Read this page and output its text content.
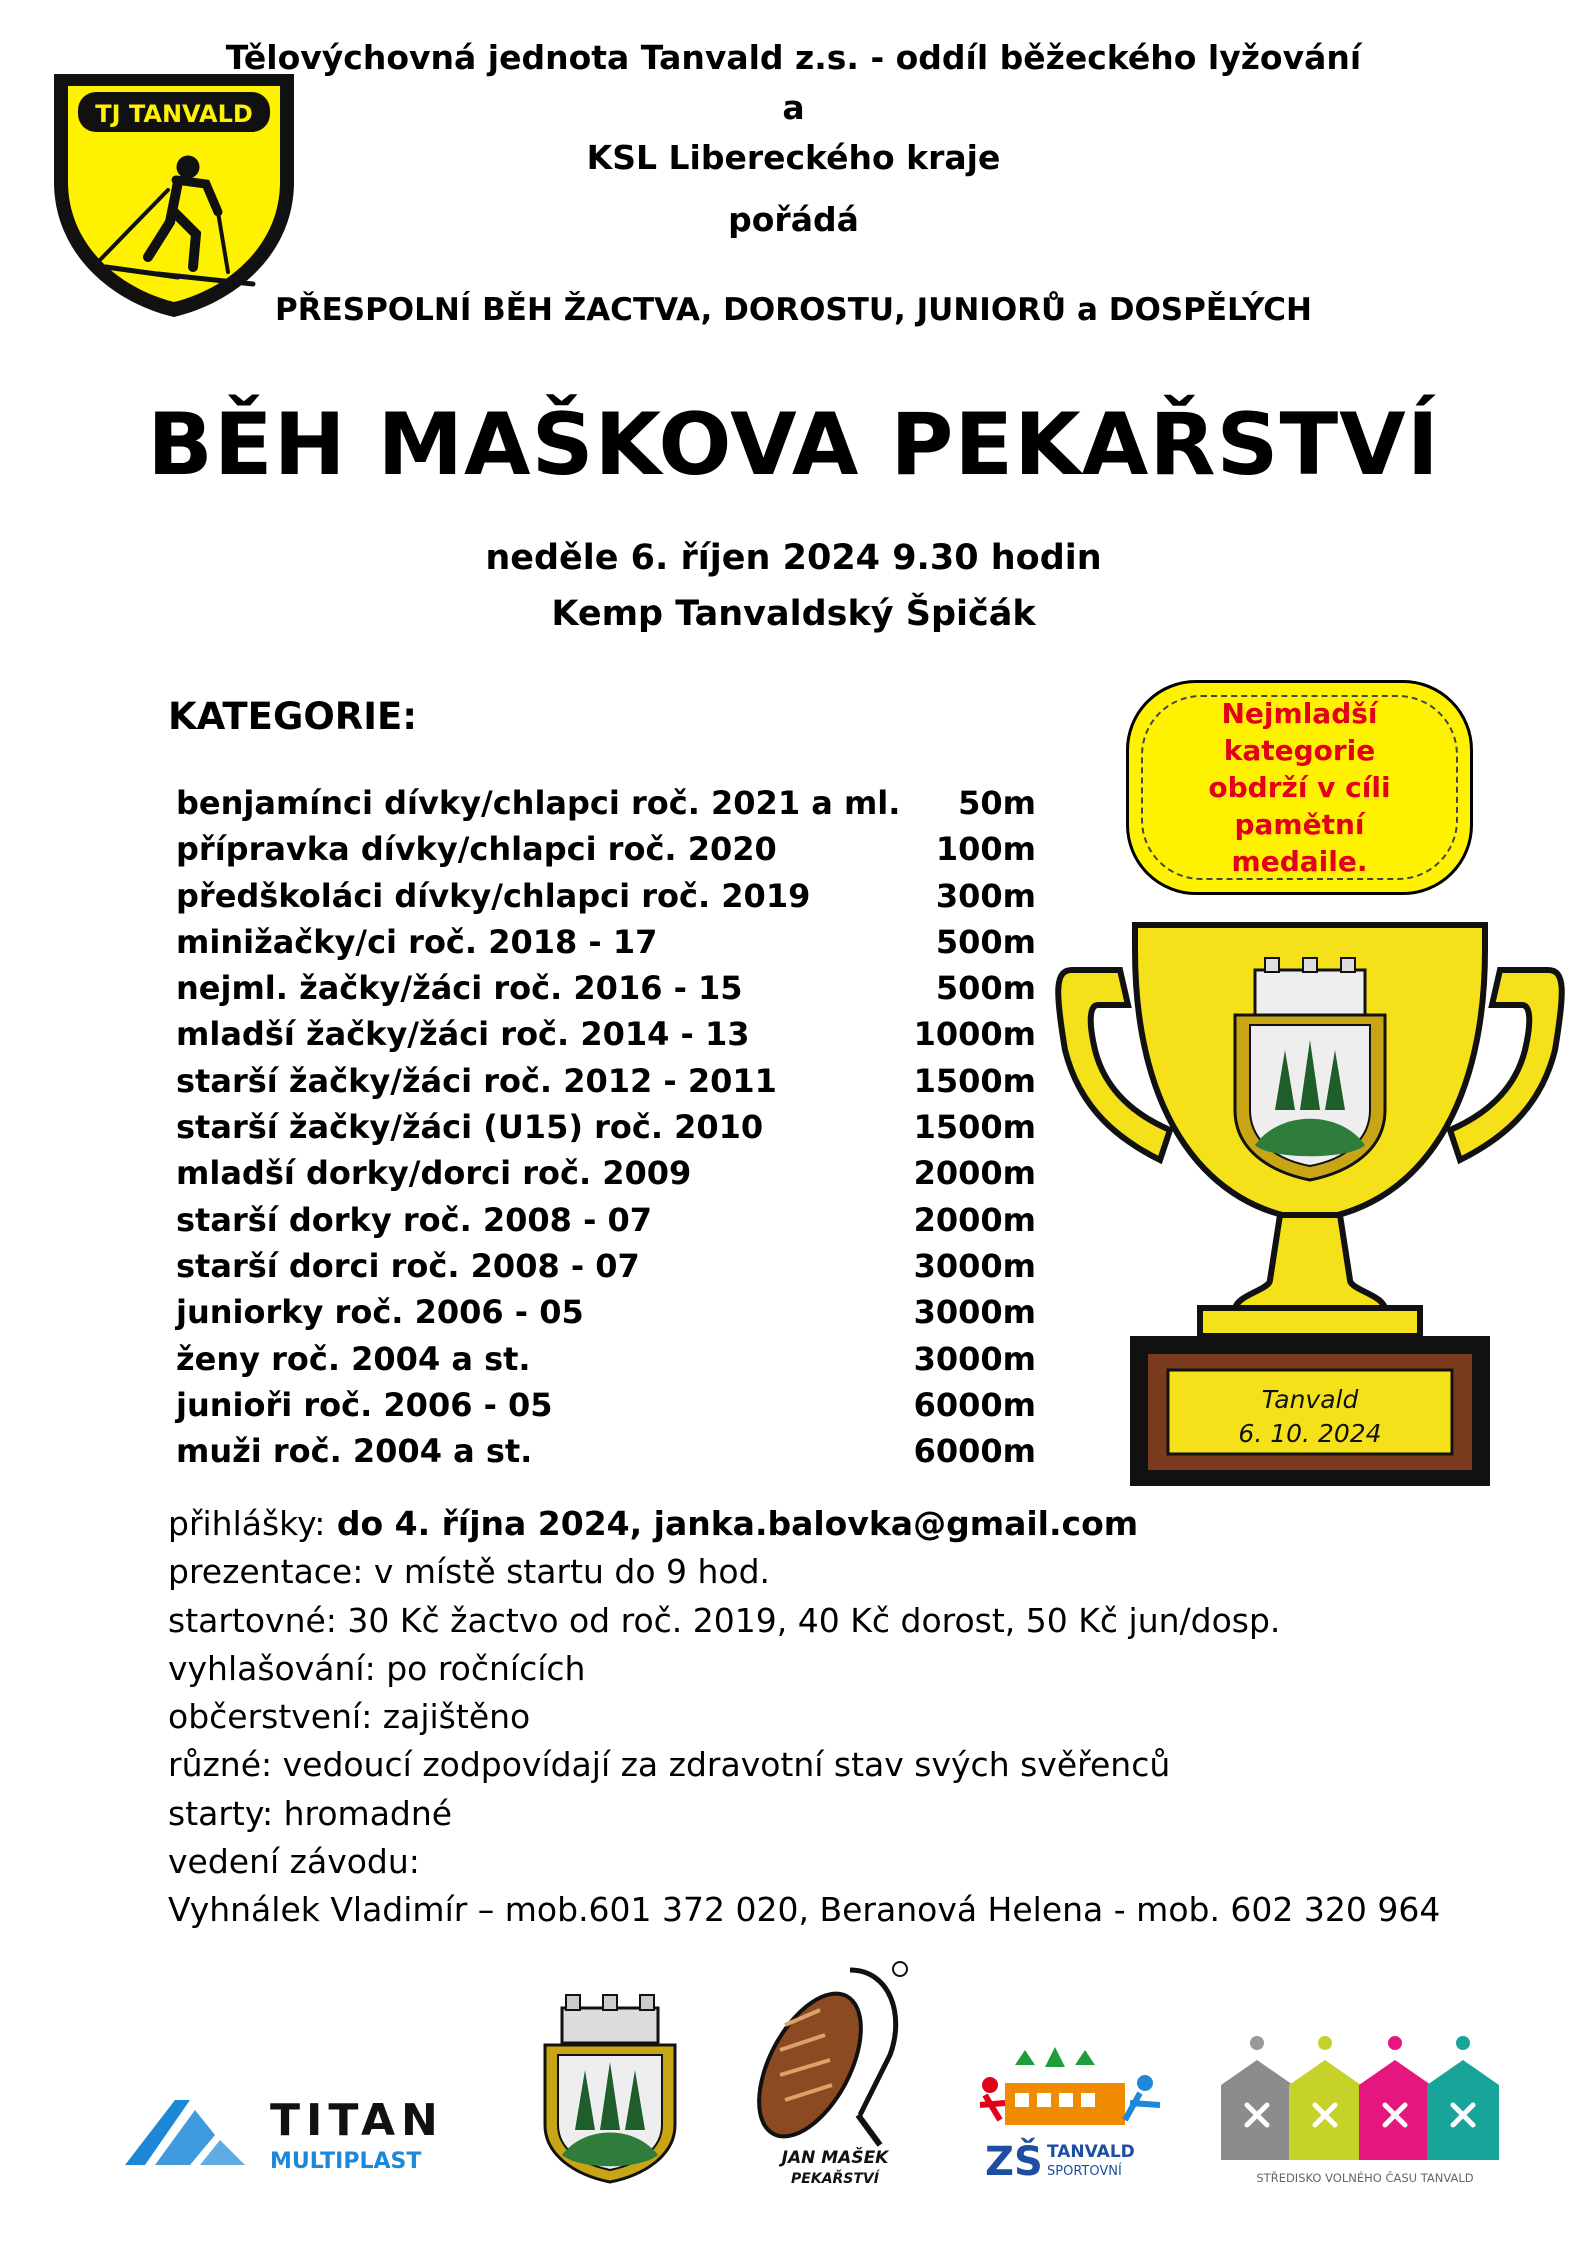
TJ TANVALD
Tělovýchovná jednota Tanvald z.s. - oddíl běžeckého lyžování
a
KSL Libereckého kraje
pořádá
PŘESPOLNÍ BĚH ŽACTVA, DOROSTU, JUNIORŮ a DOSPĚLÝCH
BĚH MAŠKOVA PEKAŘSTVÍ
neděle 6. říjen 2024 9.30 hodin
Kemp Tanvaldský Špičák
KATEGORIE:
benjamínci dívky/chlapci roč. 2021 a ml. 50m
přípravka dívky/chlapci roč. 2020	100m
předškoláci dívky/chlapci roč. 2019	300m
minižačky/ci roč. 2018 - 17	500m
nejml. žačky/žáci roč. 2016 - 15	500m
mladší žačky/žáci roč. 2014 - 13	1000m
starší žačky/žáci roč. 2012 - 2011	1500m
starší žačky/žáci (U15) roč. 2010	1500m
mladší dorky/dorci roč. 2009	2000m
starší dorky roč. 2008 - 07	2000m
starší dorci roč. 2008 - 07	3000m
juniorky roč. 2006 - 05	3000m
ženy roč. 2004 a st.	3000m
junioři roč. 2006 - 05	6000m
muži roč. 2004 a st.	6000m
Nejmladší kategorie obdrží v cíli pamětní medaile.
Tanvald
6. 10. 2024
přihlášky: do 4. října 2024, janka.balovka@gmail.com
prezentace: v místě startu do 9 hod.
startovné: 30 Kč žactvo od roč. 2019, 40 Kč dorost, 50 Kč jun/dosp.
vyhlašování: po ročnících
občerstvení: zajištěno
různé: vedoucí zodpovídají za zdravotní stav svých svěřenců
starty: hromadné
vedení závodu:
Vyhnálek Vladimír – mob.601 372 020, Beranová Helena - mob. 602 320 964
TITAN
MULTIPLAST	JAN MAŠEK
PEKAŘSTVÍ	ZŠ TANVALD
SPORTOVNÍ	STŘEDISKO VOLNÉHO ČASU TANVALD
